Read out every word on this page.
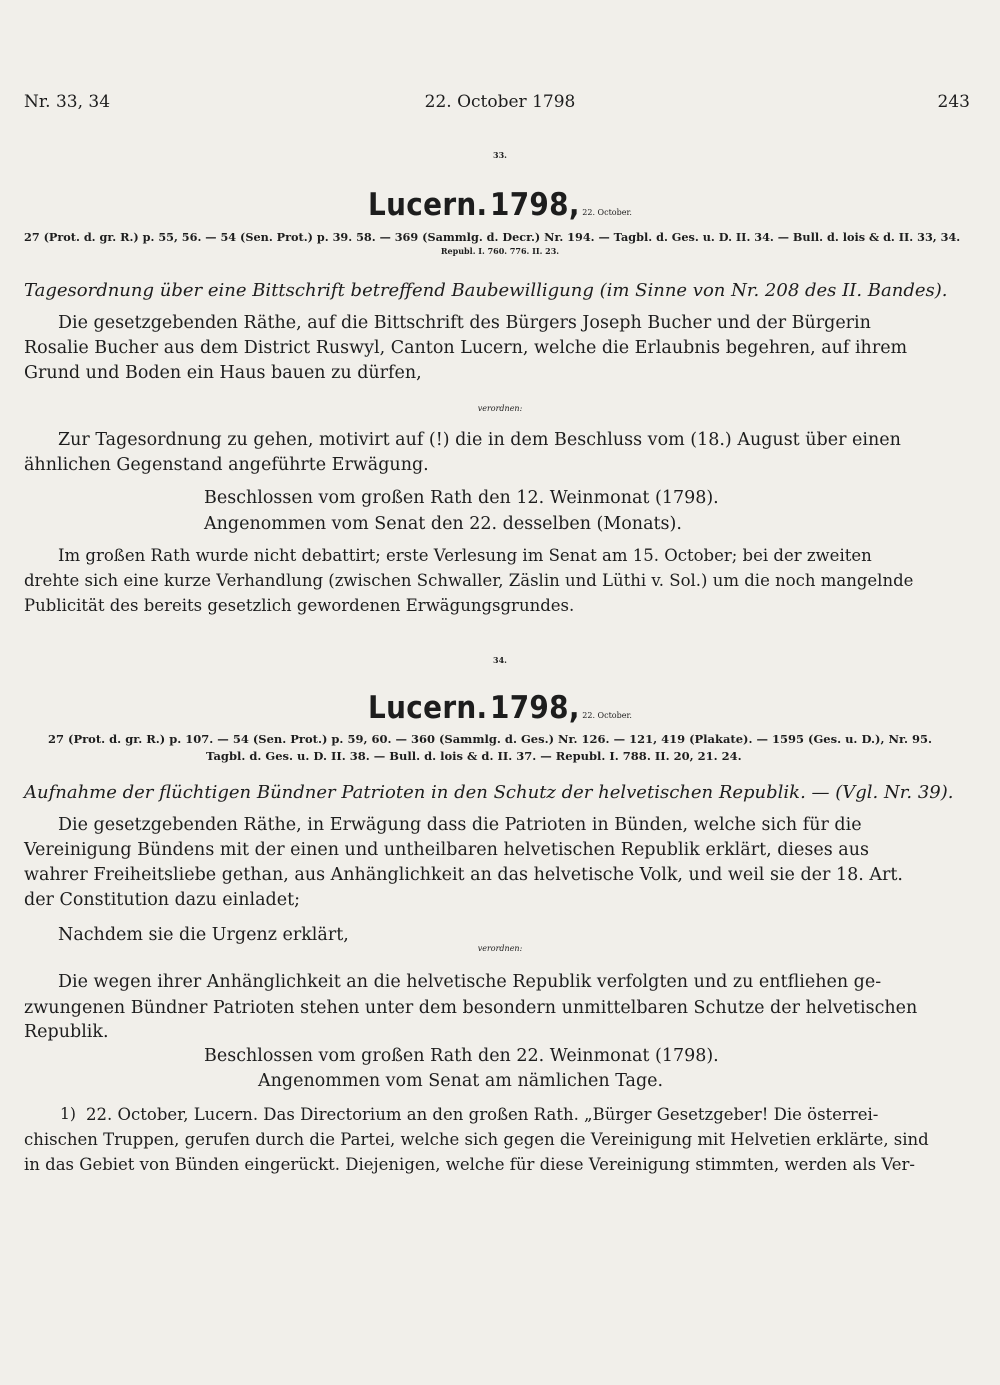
Nr. 33, 34	22. October 1798	243
33.
Lucern. 1798, 22. October.
27 (Prot. d. gr. R.) p. 55, 56. — 54 (Sen. Prot.) p. 39. 58. — 369 (Sammlg. d. Decr.) Nr. 194. — Tagbl. d. Ges. u. D. II. 34. — Bull. d. lois & d. II. 33, 34.
Republ. I. 760. 776. II. 23.
Tagesordnung über eine Bittschrift betreffend Baubewilligung (im Sinne von Nr. 208 des II. Bandes).
Die gesetzgebenden Räthe, auf die Bittschrift des Bürgers Joseph Bucher und der Bürgerin
Rosalie Bucher aus dem District Ruswyl, Canton Lucern, welche die Erlaubnis begehren, auf ihrem
Grund und Boden ein Haus bauen zu dürfen,
verordnen:
Zur Tagesordnung zu gehen, motivirt auf (!) die in dem Beschluss vom (18.) August über einen
ähnlichen Gegenstand angeführte Erwägung.
Beschlossen vom großen Rath den 12. Weinmonat (1798).
Angenommen vom Senat den 22. desselben (Monats).
Im großen Rath wurde nicht debattirt; erste Verlesung im Senat am 15. October; bei der zweiten
drehte sich eine kurze Verhandlung (zwischen Schwaller, Zäslin und Lüthi v. Sol.) um die noch mangelnde
Publicität des bereits gesetzlich gewordenen Erwägungsgrundes.
34.
Lucern. 1798, 22. October.
27 (Prot. d. gr. R.) p. 107. — 54 (Sen. Prot.) p. 59, 60. — 360 (Sammlg. d. Ges.) Nr. 126. — 121, 419 (Plakate). — 1595 (Ges. u. D.), Nr. 95.
Tagbl. d. Ges. u. D. II. 38. — Bull. d. lois & d. II. 37. — Republ. I. 788. II. 20, 21. 24.
Aufnahme der flüchtigen Bündner Patrioten in den Schutz der helvetischen Republik. — (Vgl. Nr. 39).
Die gesetzgebenden Räthe, in Erwägung dass die Patrioten in Bünden, welche sich für die
Vereinigung Bündens mit der einen und untheilbaren helvetischen Republik erklärt, dieses aus
wahrer Freiheitsliebe gethan, aus Anhänglichkeit an das helvetische Volk, und weil sie der 18. Art.
der Constitution dazu einladet;
Nachdem sie die Urgenz erklärt,
verordnen:
Die wegen ihrer Anhänglichkeit an die helvetische Republik verfolgten und zu entfliehen ge-
zwungenen Bündner Patrioten stehen unter dem besondern unmittelbaren Schutze der helvetischen
Republik.
Beschlossen vom großen Rath den 22. Weinmonat (1798).
Angenommen vom Senat am nämlichen Tage.
1) 22. October, Lucern. Das Directorium an den großen Rath. „Bürger Gesetzgeber! Die österrei-
chischen Truppen, gerufen durch die Partei, welche sich gegen die Vereinigung mit Helvetien erklärte, sind
in das Gebiet von Bünden eingerückt. Diejenigen, welche für diese Vereinigung stimmten, werden als Ver-
